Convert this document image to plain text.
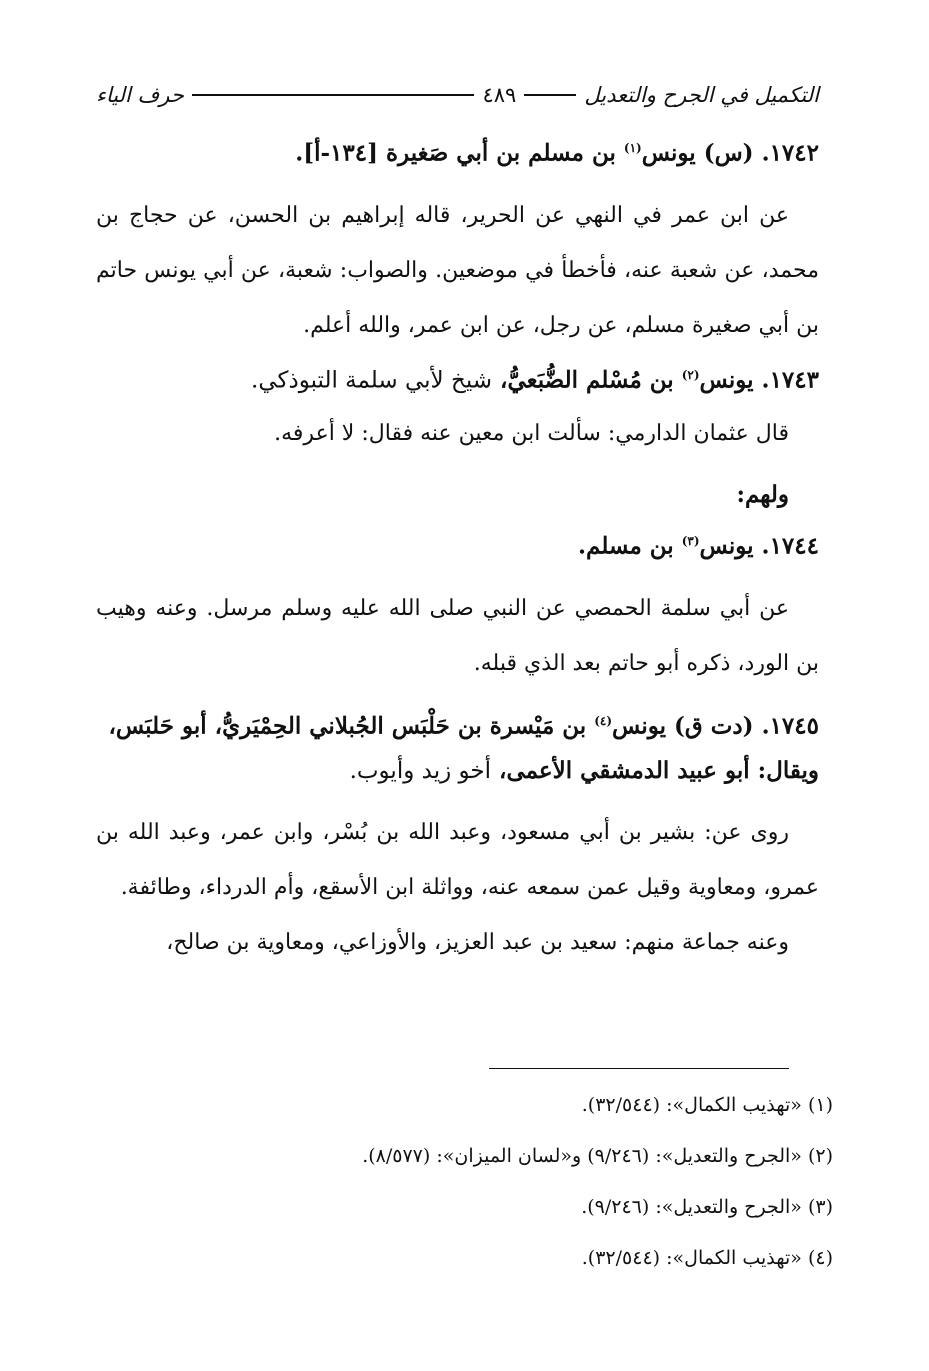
التكميل في الجرح والتعديل
٤٨٩
حرف الياء

١٧٤٢. (س) يونس$^{(١)}$ بن مسلم بن أبي صَغيرة [١٣٤-أ].

عن ابن عمر في النهي عن الحرير، قاله إبراهيم بن الحسن، عن حجاج بن محمد، عن شعبة عنه، فأخطأ في موضعين. والصواب: شعبة، عن أبي يونس حاتم بن أبي صغيرة مسلم، عن رجل، عن ابن عمر، والله أعلم.

١٧٤٣. يونس$^{(٢)}$ بن مُسْلم الضُّبَعيُّ، شيخ لأبي سلمة التبوذكي.

قال عثمان الدارمي: سألت ابن معين عنه فقال: لا أعرفه.

ولهم:

١٧٤٤. يونس$^{(٣)}$ بن مسلم.

عن أبي سلمة الحمصي عن النبي صلى الله عليه وسلم مرسل. وعنه وهيب بن الورد، ذكره أبو حاتم بعد الذي قبله.

١٧٤٥. (دت ق) يونس$^{(٤)}$ بن مَيْسرة بن حَلْبَس الجُبلاني الحِمْيَريُّ، أبو حَلبَس، ويقال: أبو عبيد الدمشقي الأعمى، أخو زيد وأيوب.

روى عن: بشير بن أبي مسعود، وعبد الله بن بُسْر، وابن عمر، وعبد الله بن عمرو، ومعاوية وقيل عمن سمعه عنه، وواثلة ابن الأسقع، وأم الدرداء، وطائفة.

وعنه جماعة منهم: سعيد بن عبد العزيز، والأوزاعي، ومعاوية بن صالح،

(١) «تهذيب الكمال»: (٣٢/٥٤٤).

(٢) «الجرح والتعديل»: (٩/٢٤٦) و«لسان الميزان»: (٨/٥٧٧).

(٣) «الجرح والتعديل»: (٩/٢٤٦).

(٤) «تهذيب الكمال»: (٣٢/٥٤٤).
